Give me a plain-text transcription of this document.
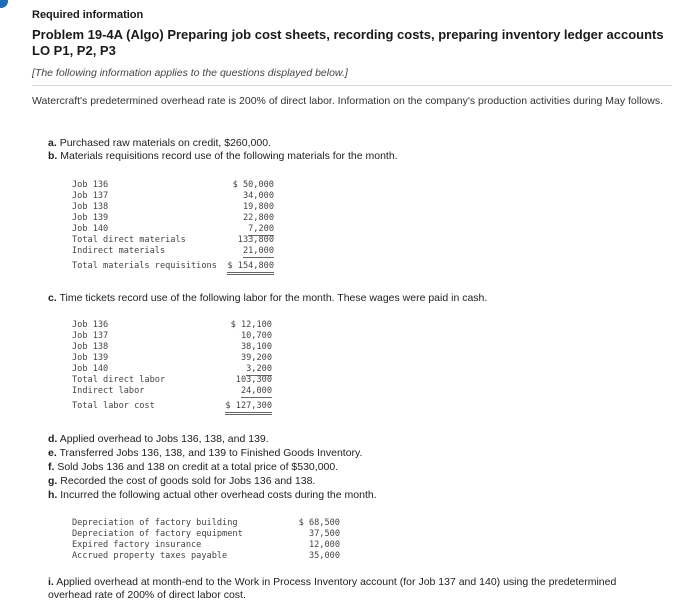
Required information
Problem 19-4A (Algo) Preparing job cost sheets, recording costs, preparing inventory ledger accounts LO P1, P2, P3
[The following information applies to the questions displayed below.]
Watercraft's predetermined overhead rate is 200% of direct labor. Information on the company's production activities during May follows.
a. Purchased raw materials on credit, $260,000.
b. Materials requisitions record use of the following materials for the month.
Job 136	$ 50,000
Job 137	34,000
Job 138	19,800
Job 139	22,800
Job 140	7,200
Total direct materials	133,800
Indirect materials	21,000
Total materials requisitions $ 154,800
c. Time tickets record use of the following labor for the month. These wages were paid in cash.
Job 136	$ 12,100
Job 137	10,700
Job 138	38,100
Job 139	39,200
Job 140	3,200
Total direct labor	103,300
Indirect labor	24,000
Total labor cost	$ 127,300
d. Applied overhead to Jobs 136, 138, and 139.
e. Transferred Jobs 136, 138, and 139 to Finished Goods Inventory.
f. Sold Jobs 136 and 138 on credit at a total price of $530,000.
g. Recorded the cost of goods sold for Jobs 136 and 138.
h. Incurred the following actual other overhead costs during the month.
Depreciation of factory building	$ 68,500
Depreciation of factory equipment	37,500
Expired factory insurance	12,000
Accrued property taxes payable	35,000
i. Applied overhead at month-end to the Work in Process Inventory account (for Job 137 and 140) using the predetermined overhead rate of 200% of direct labor cost.
